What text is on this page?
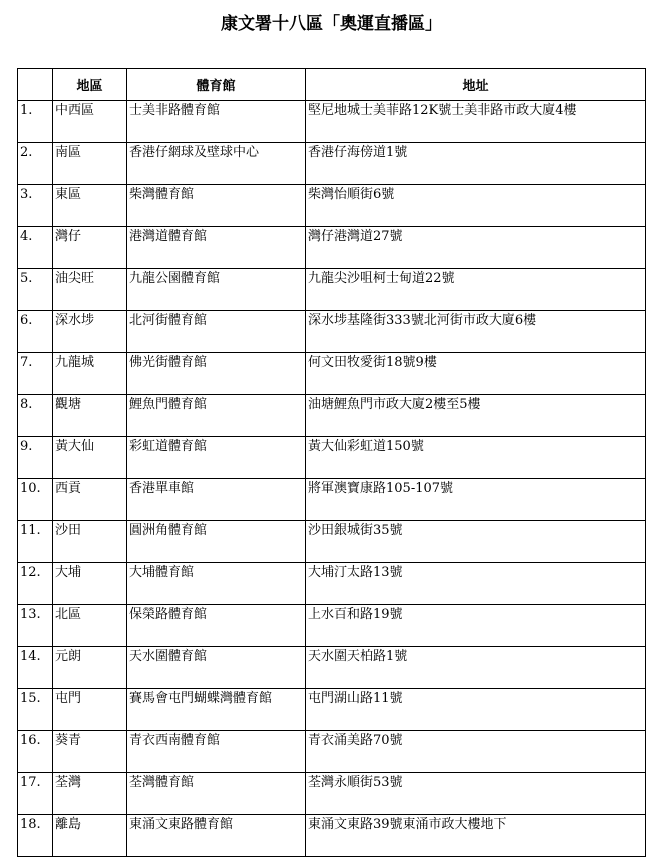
康文署十八區「奧運直播區」
	地區	體育館	地址
1.	中西區	士美非路體育館	堅尼地城士美菲路12K號士美非路市政大廈4樓
2.	南區	香港仔網球及壁球中心	香港仔海傍道1號
3.	東區	柴灣體育館	柴灣怡順街6號
4.	灣仔	港灣道體育館	灣仔港灣道27號
5.	油尖旺	九龍公園體育館	九龍尖沙咀柯士甸道22號
6.	深水埗	北河街體育館	深水埗基隆街333號北河街市政大廈6樓
7.	九龍城	佛光街體育館	何文田牧愛街18號9樓
8.	觀塘	鯉魚門體育館	油塘鯉魚門市政大廈2樓至5樓
9.	黃大仙	彩虹道體育館	黃大仙彩虹道150號
10.	西貢	香港單車館	將軍澳寶康路105-107號
11.	沙田	圓洲角體育館	沙田銀城街35號
12.	大埔	大埔體育館	大埔汀太路13號
13.	北區	保榮路體育館	上水百和路19號
14.	元朗	天水圍體育館	天水圍天柏路1號
15.	屯門	賽馬會屯門蝴蝶灣體育館	屯門湖山路11號
16.	葵青	青衣西南體育館	青衣涌美路70號
17.	荃灣	荃灣體育館	荃灣永順街53號
18.	離島	東涌文東路體育館	東涌文東路39號東涌市政大樓地下
